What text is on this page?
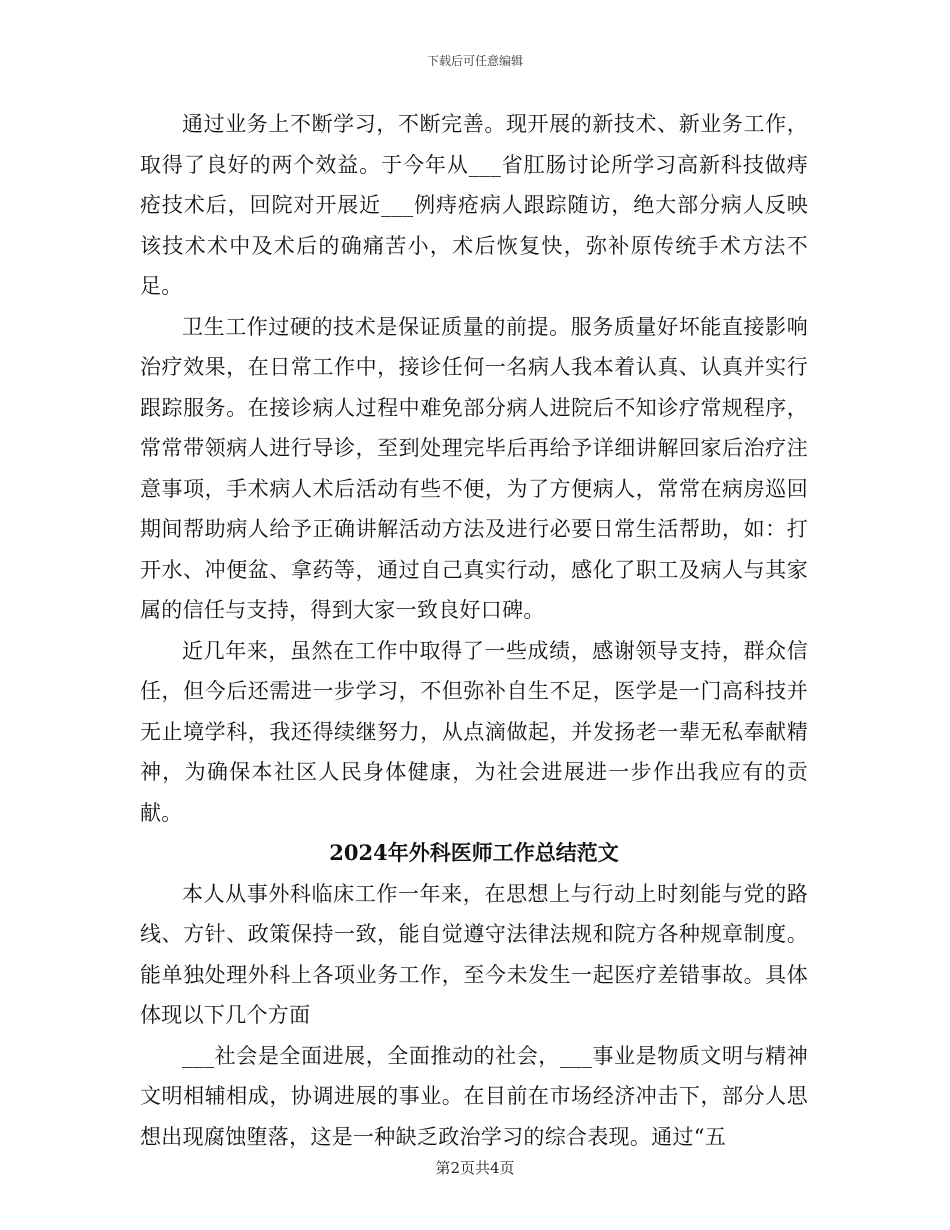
下载后可任意编辑

通过业务上不断学习，不断完善。现开展的新技术、新业务工作，取得了良好的两个效益。于今年从___省肛肠讨论所学习高新科技做痔疮技术后，回院对开展近___例痔疮病人跟踪随访，绝大部分病人反映该技术术中及术后的确痛苦小，术后恢复快，弥补原传统手术方法不足。

卫生工作过硬的技术是保证质量的前提。服务质量好坏能直接影响治疗效果，在日常工作中，接诊任何一名病人我本着认真、认真并实行跟踪服务。在接诊病人过程中难免部分病人进院后不知诊疗常规程序，常常带领病人进行导诊，至到处理完毕后再给予详细讲解回家后治疗注意事项，手术病人术后活动有些不便，为了方便病人，常常在病房巡回期间帮助病人给予正确讲解活动方法及进行必要日常生活帮助，如：打开水、冲便盆、拿药等，通过自己真实行动，感化了职工及病人与其家属的信任与支持，得到大家一致良好口碑。

近几年来，虽然在工作中取得了一些成绩，感谢领导支持，群众信任，但今后还需进一步学习，不但弥补自生不足，医学是一门高科技并无止境学科，我还得续继努力，从点滴做起，并发扬老一辈无私奉献精神，为确保本社区人民身体健康，为社会进展进一步作出我应有的贡献。

2024年外科医师工作总结范文

本人从事外科临床工作一年来，在思想上与行动上时刻能与党的路线、方针、政策保持一致，能自觉遵守法律法规和院方各种规章制度。能单独处理外科上各项业务工作，至今未发生一起医疗差错事故。具体体现以下几个方面

___社会是全面进展，全面推动的社会，___事业是物质文明与精神文明相辅相成，协调进展的事业。在目前在市场经济冲击下，部分人思想出现腐蚀堕落，这是一种缺乏政治学习的综合表现。通过“五

第2页共4页
